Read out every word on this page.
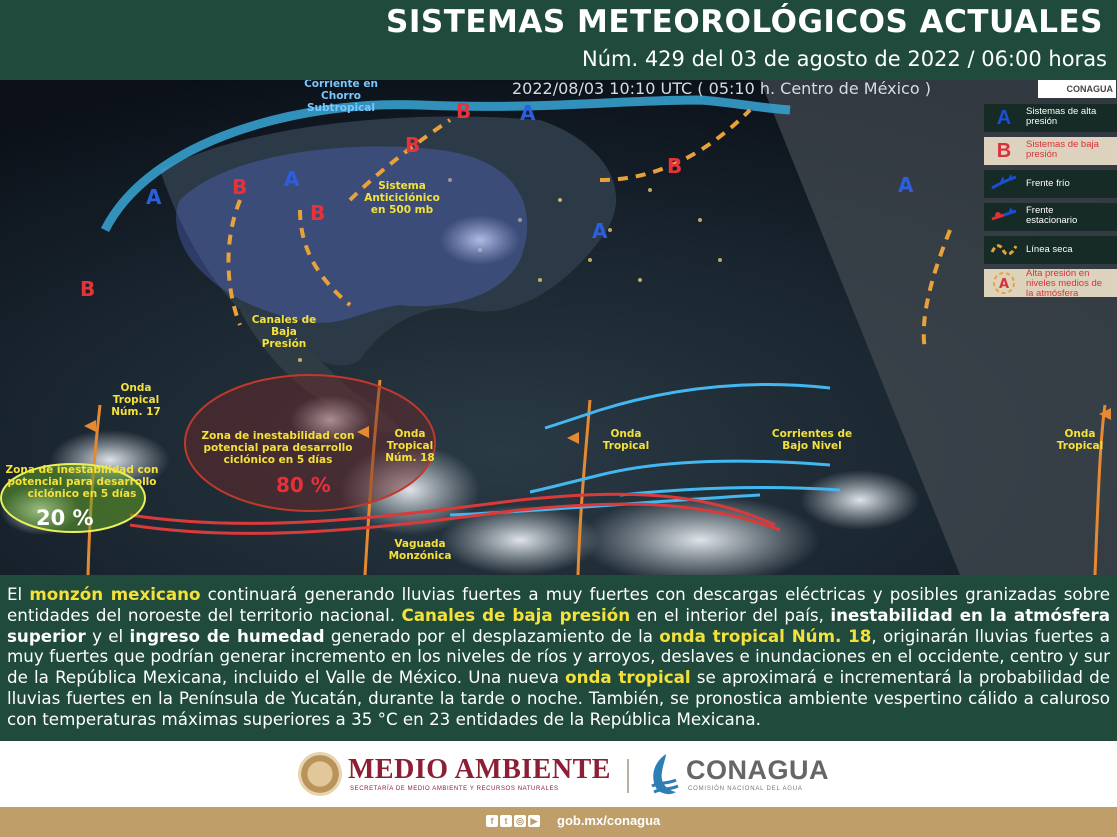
SISTEMAS METEOROLÓGICOS ACTUALES
Núm. 429 del 03 de agosto de 2022 / 06:00 horas
A
A
A
A
A
B
B
B
B
B
B
CONAGUA
Corriente en Chorro Subtropical
Sistema Anticiclónico en 500 mb
Canales de Baja Presión
Onda Tropical Núm. 17
Onda Tropical Núm. 18
Onda Tropical
Onda Tropical
Zona de inestabilidad con potencial para desarrollo ciclónico en 5 días
Zona de inestabilidad con potencial para desarrollo ciclónico en 5 días
Corrientes de Bajo Nivel
Vaguada Monzónica
80 %
20 %
2022/08/03 10:10 UTC ( 05:10 h. Centro de México )
A	Sistemas de alta presión
B	Sistemas de baja presión
Frente frío
Frente estacionario
Línea seca
A
Alta presión en niveles medios de la atmósfera
El monzón mexicano continuará generando lluvias fuertes a muy fuertes con descargas eléctricas y posibles granizadas sobre entidades del noroeste del territorio nacional. Canales de baja presión en el interior del país, inestabilidad en la atmósfera superior y el ingreso de humedad generado por el desplazamiento de la onda tropical Núm. 18, originarán lluvias fuertes a muy fuertes que podrían generar incremento en los niveles de ríos y arroyos, deslaves e inundaciones en el occidente, centro y sur de la República Mexicana, incluido el Valle de México. Una nueva onda tropical se aproximará e incrementará la probabilidad de lluvias fuertes en la Península de Yucatán, durante la tarde o noche. También, se pronostica ambiente vespertino cálido a caluroso con temperaturas máximas superiores a 35 °C en 23 entidades de la República Mexicana.
MEDIO AMBIENTE
SECRETARÍA DE MEDIO AMBIENTE Y RECURSOS NATURALES
CONAGUA
COMISIÓN NACIONAL DEL AGUA
f t ◎ ▶	gob.mx/conagua
